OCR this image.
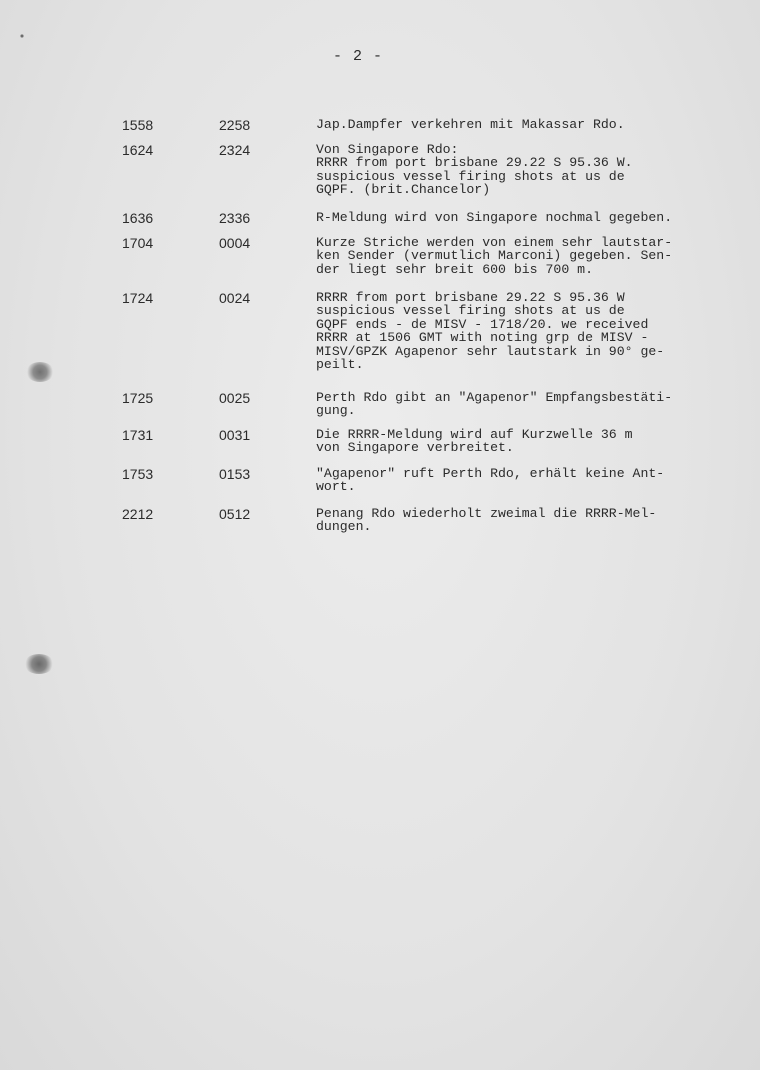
- 2 -
1558	2258	Jap.Dampfer verkehren mit Makassar Rdo.
1624	2324	Von Singapore Rdo:
RRRR from port brisbane 29.22 S 95.36 W.
suspicious vessel firing shots at us de
GQPF. (brit.Chancelor)
1636	2336	R-Meldung wird von Singapore nochmal gegeben.
1704	0004	Kurze Striche werden von einem sehr lautstar-
ken Sender (vermutlich Marconi) gegeben. Sen-
der liegt sehr breit 600 bis 700 m.
1724	0024	RRRR from port brisbane 29.22 S 95.36 W
suspicious vessel firing shots at us de
GQPF ends - de MISV - 1718/20. we received
RRRR at 1506 GMT with noting grp de MISV -
MISV/GPZK Agapenor sehr lautstark in 90° ge-
peilt.
1725	0025	Perth Rdo gibt an "Agapenor" Empfangsbestäti-
gung.
1731	0031	Die RRRR-Meldung wird auf Kurzwelle 36 m
von Singapore verbreitet.
1753	0153	"Agapenor" ruft Perth Rdo, erhält keine Ant-
wort.
2212	0512	Penang Rdo wiederholt zweimal die RRRR-Mel-
dungen.
